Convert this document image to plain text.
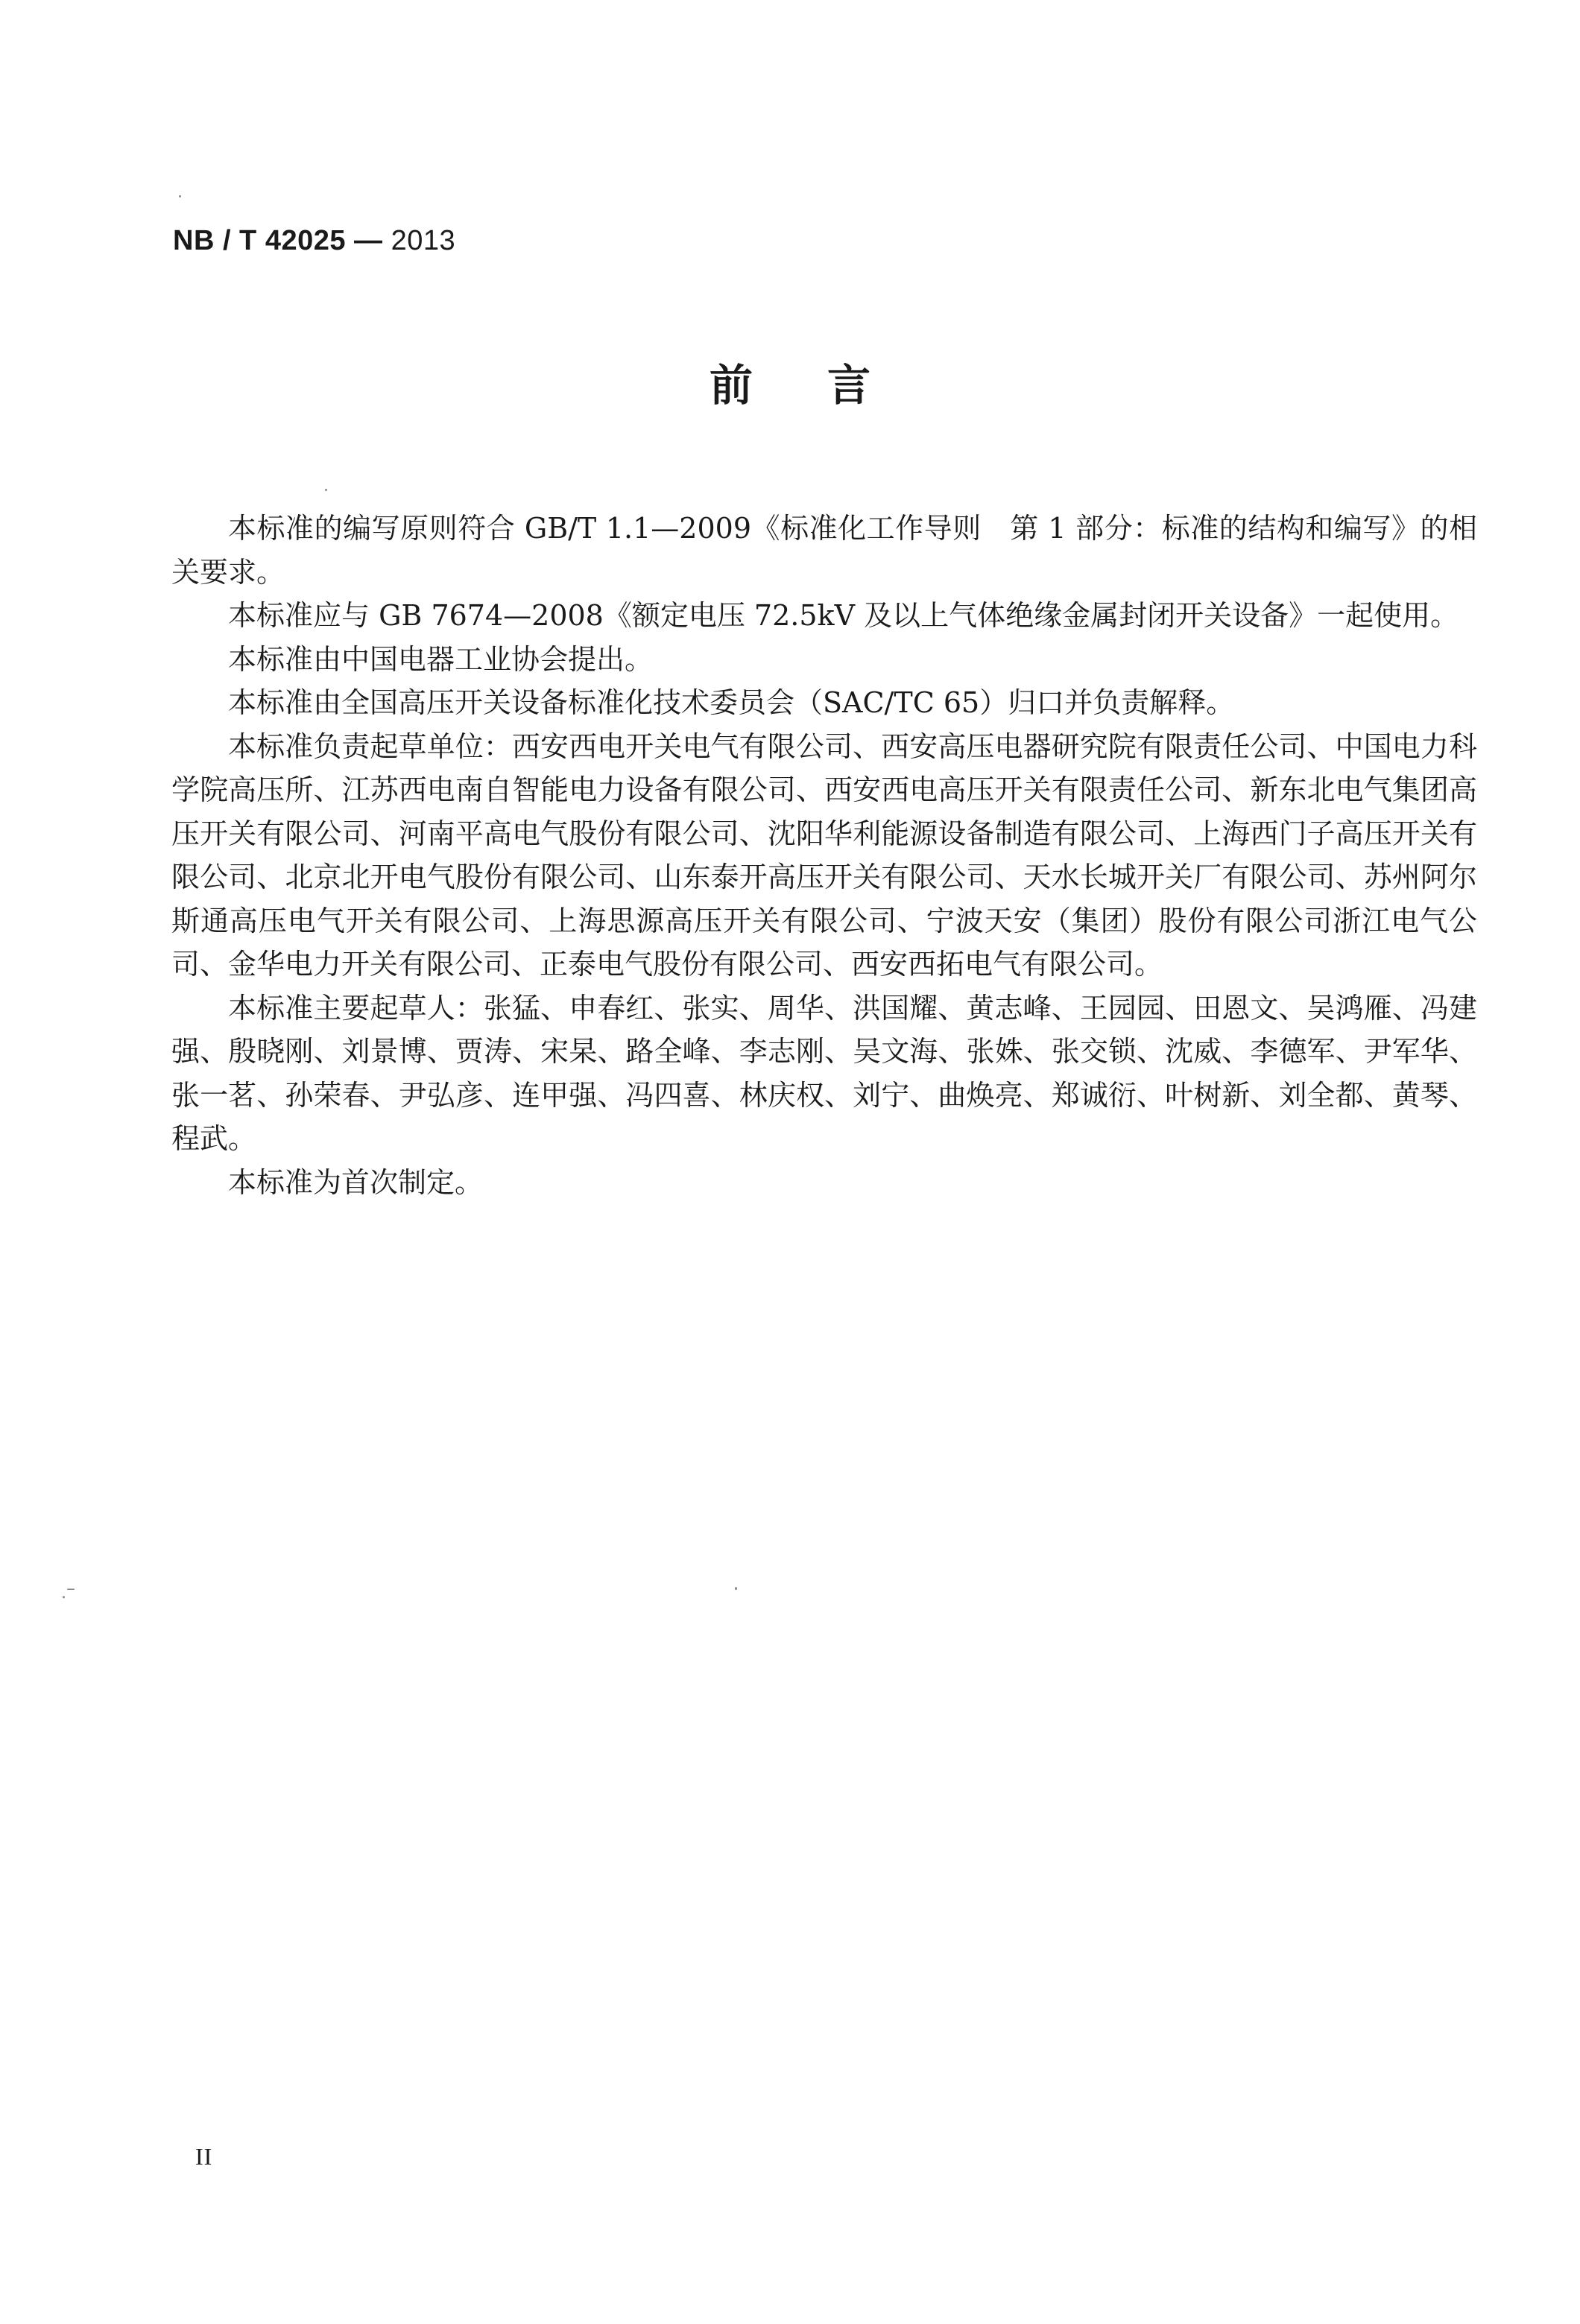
NB / T 42025 — 2013
前言

本标准的编写原则符合 GB/T 1.1—2009《标准化工作导则　第 1 部分：标准的结构和编写》的相关要求。

本标准应与 GB 7674—2008《额定电压 72.5kV 及以上气体绝缘金属封闭开关设备》一起使用。

本标准由中国电器工业协会提出。

本标准由全国高压开关设备标准化技术委员会（SAC/TC 65）归口并负责解释。

本标准负责起草单位：西安西电开关电气有限公司、西安高压电器研究院有限责任公司、中国电力科学院高压所、江苏西电南自智能电力设备有限公司、西安西电高压开关有限责任公司、新东北电气集团高压开关有限公司、河南平高电气股份有限公司、沈阳华利能源设备制造有限公司、上海西门子高压开关有限公司、北京北开电气股份有限公司、山东泰开高压开关有限公司、天水长城开关厂有限公司、苏州阿尔斯通高压电气开关有限公司、上海思源高压开关有限公司、宁波天安（集团）股份有限公司浙江电气公司、金华电力开关有限公司、正泰电气股份有限公司、西安西拓电气有限公司。

本标准主要起草人：张猛、申春红、张实、周华、洪国耀、黄志峰、王园园、田恩文、吴鸿雁、冯建强、殷晓刚、刘景博、贾涛、宋杲、路全峰、李志刚、吴文海、张姝、张交锁、沈威、李德军、尹军华、张一茗、孙荣春、尹弘彦、连甲强、冯四喜、林庆权、刘宁、曲焕亮、郑诚衍、叶树新、刘全都、黄琴、程武。

本标准为首次制定。

II
